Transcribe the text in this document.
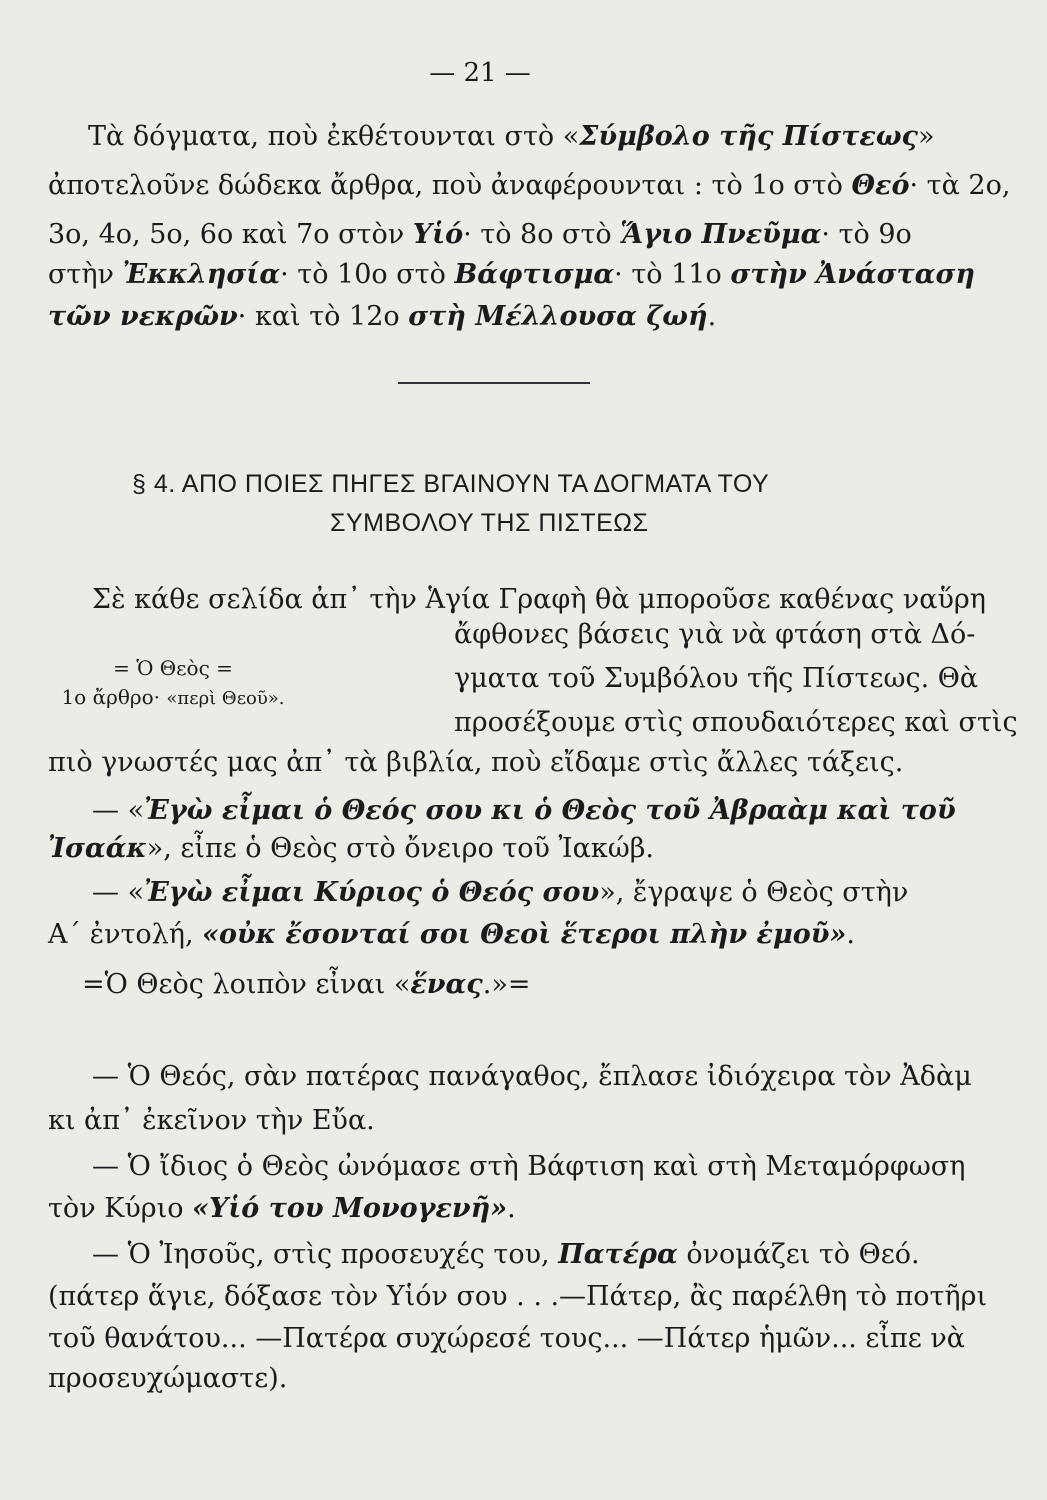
— 21 —
Τὰ δόγματα, ποὺ ἐκθέτουνται στὸ «Σύμβολο τῆς Πίστεως»
ἀποτελοῦνε δώδεκα ἄρθρα, ποὺ ἀναφέρουνται : τὸ 1ο στὸ Θεό· τὰ 2ο,
3ο, 4ο, 5ο, 6ο καὶ 7ο στὸν Υἱό· τὸ 8ο στὸ Ἅγιο Πνεῦμα· τὸ 9ο
στὴν Ἐκκλησία· τὸ 10ο στὸ Βάφτισμα· τὸ 11ο στὴν Ἀνάσταση
τῶν νεκρῶν· καὶ τὸ 12ο στὴ Μέλλουσα ζωή.
§ 4. ΑΠΟ ΠΟΙΕΣ ΠΗΓΕΣ ΒΓΑΙΝΟΥΝ ΤΑ ΔΟΓΜΑΤΑ ΤΟΥ
ΣΥΜΒΟΛΟΥ ΤΗΣ ΠΙΣΤΕΩΣ
Σὲ κάθε σελίδα ἀπ᾽ τὴν Ἁγία Γραφὴ θὰ μποροῦσε καθένας ναὕρη
= Ὁ Θεὸς =
1ο ἄρθρο· «περὶ Θεοῦ».
ἄφθονες βάσεις γιὰ νὰ φτάση στὰ Δό-
γματα τοῦ Συμβόλου τῆς Πίστεως. Θὰ
προσέξουμε στὶς σπουδαιότερες καὶ στὶς
πιὸ γνωστές μας ἀπ᾽ τὰ βιβλία, ποὺ εἴδαμε στὶς ἄλλες τάξεις.
— «Ἐγὼ εἶμαι ὁ Θεός σου κι ὁ Θεὸς τοῦ Ἀβραὰμ καὶ τοῦ
Ἰσαάκ», εἶπε ὁ Θεὸς στὸ ὄνειρο τοῦ Ἰακώβ.
— «Ἐγὼ εἶμαι Κύριος ὁ Θεός σου», ἔγραψε ὁ Θεὸς στὴν
Α´ ἐντολή, «οὐκ ἔσονταί σοι Θεοὶ ἕτεροι πλὴν ἐμοῦ».
=Ὁ Θεὸς λοιπὸν εἶναι «ἕνας.»=
— Ὁ Θεός, σὰν πατέρας πανάγαθος, ἔπλασε ἰδιόχειρα τὸν Ἀδὰμ
κι ἀπ᾽ ἐκεῖνον τὴν Εὔα.
— Ὁ ἴδιος ὁ Θεὸς ὠνόμασε στὴ Βάφτιση καὶ στὴ Μεταμόρφωση
τὸν Κύριο «Υἱό του Μονογενῆ».
— Ὁ Ἰησοῦς, στὶς προσευχές του, Πατέρα ὀνομάζει τὸ Θεό.
(πάτερ ἅγιε, δόξασε τὸν Υἱόν σου . . .—Πάτερ, ἂς παρέλθη τὸ ποτῆρι
τοῦ θανάτου... —Πατέρα συχώρεσέ τους... —Πάτερ ἡμῶν... εἶπε νὰ
προσευχώμαστε).
